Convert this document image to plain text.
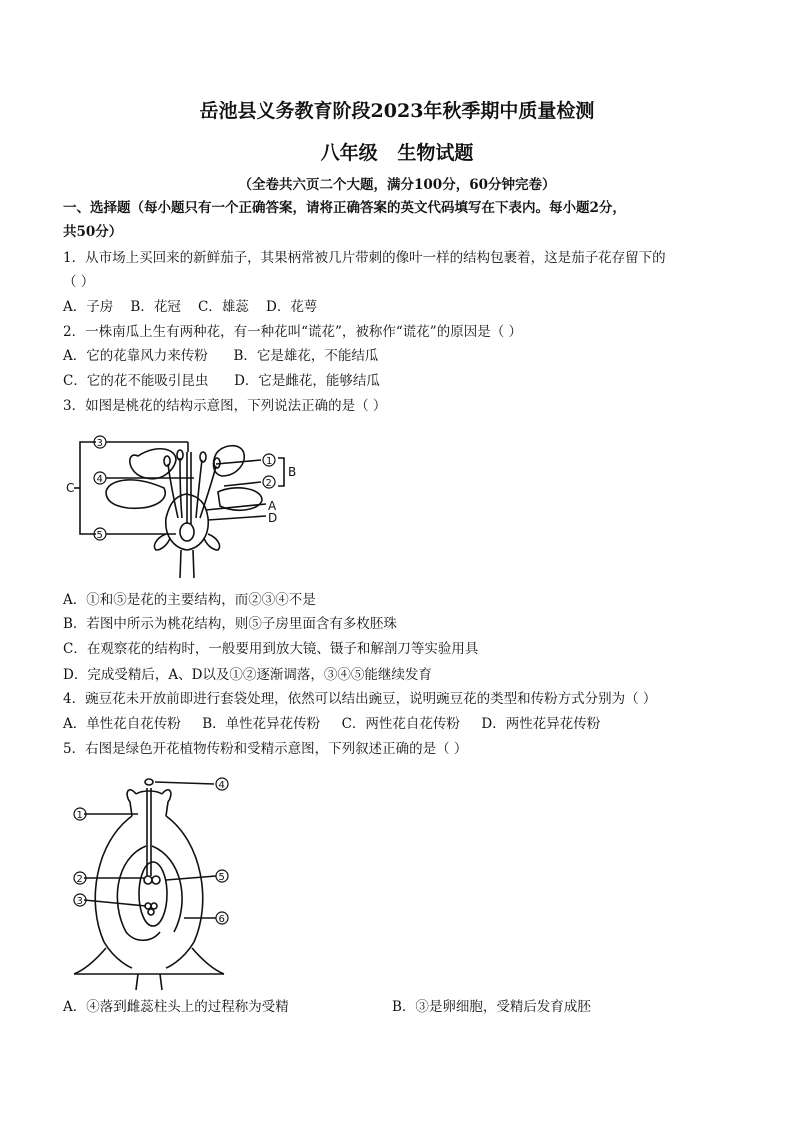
岳池县义务教育阶段2023年秋季期中质量检测
八年级   生物试题
（全卷共六页二个大题，满分100分，60分钟完卷）
一、选择题（每小题只有一个正确答案，请将正确答案的英文代码填写在下表内。每小题2分，
共50分）
1．从市场上买回来的新鲜茄子，其果柄常被几片带刺的像叶一样的结构包裹着，这是茄子花存留下的
（ ）
A．子房    B．花冠    C．雄蕊    D．花萼
2．一株南瓜上生有两种花，有一种花叫“谎花”，被称作“谎花”的原因是（ ）
A．它的花靠风力来传粉      B．它是雄花，不能结瓜
C．它的花不能吸引昆虫      D．它是雌花，能够结瓜
3．如图是桃花的结构示意图，下列说法正确的是（ ）
3
4
5
1
2
B
C
A
D
A．①和⑤是花的主要结构，而②③④不是
B．若图中所示为桃花结构，则⑤子房里面含有多枚胚珠
C．在观察花的结构时，一般要用到放大镜、镊子和解剖刀等实验用具
D．完成受精后，A、D以及①②逐渐调落，③④⑤能继续发育
4．豌豆花未开放前即进行套袋处理，依然可以结出豌豆，说明豌豆花的类型和传粉方式分别为（ ）
A．单性花自花传粉     B．单性花异花传粉     C．两性花自花传粉     D．两性花异花传粉
5．右图是绿色开花植物传粉和受精示意图，下列叙述正确的是（ ）
1
2
3
4
5
6
A．④落到雌蕊柱头上的过程称为受精	B．③是卵细胞，受精后发育成胚
